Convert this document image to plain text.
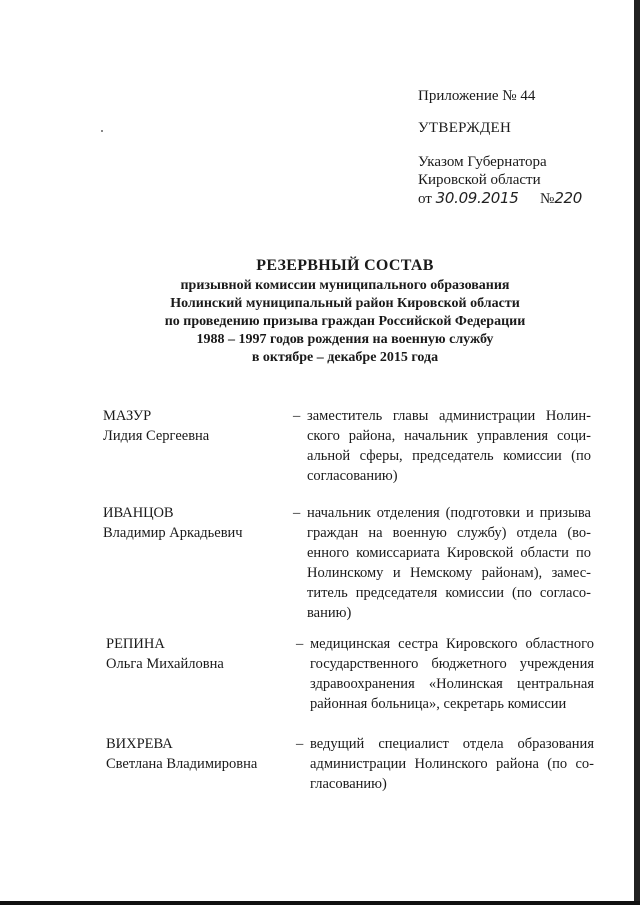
Приложение № 44
УТВЕРЖДЕН
Указом Губернатора
Кировской области
от 30.09.2015 №220
РЕЗЕРВНЫЙ СОСТАВ
призывной комиссии муниципального образования
Нолинский муниципальный район Кировской области
по проведению призыва граждан Российской Федерации
1988 – 1997 годов рождения на военную службу
в октябре – декабре 2015 года
МАЗУР
Лидия Сергеевна
– заместитель главы администрации Нолинского района, начальник управления социальной сферы, председатель комиссии (по согласованию)
ИВАНЦОВ
Владимир Аркадьевич
– начальник отделения (подготовки и призыва граждан на военную службу) отдела (военного комиссариата Кировской области по Нолинскому и Немскому районам), заместитель председателя комиссии (по согласованию)
РЕПИНА
Ольга Михайловна
– медицинская сестра Кировского областного государственного бюджетного учреждения здравоохранения «Нолинская центральная районная больница», секретарь комиссии
ВИХРЕВА
Светлана Владимировна
– ведущий специалист отдела образования администрации Нолинского района (по согласованию)
